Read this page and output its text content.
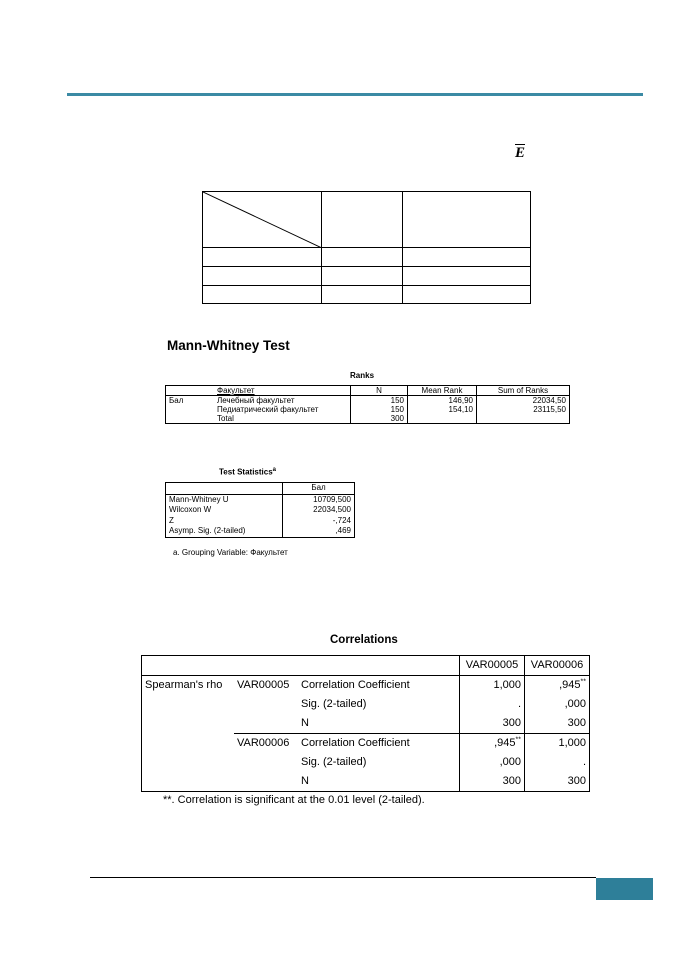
E
Mann-Whitney Test
Ranks
	Факультет	N	Mean Rank	Sum of Ranks
Бал	Лечебный факультет	150	146,90	22034,50
	Педиатрический факультет	150	154,10	23115,50
	Total	300		
Test Statistics$^a$
	Бал
Mann-Whitney U	10709,500
Wilcoxon W	22034,500
Z	-,724
Asymp. Sig. (2-tailed)	,469
a. Grouping Variable: Факультет
Correlations
			VAR00005	VAR00006
Spearman's rho	VAR00005	Correlation Coefficient	1,000	,945**
		Sig. (2-tailed)	.	,000
		N	300	300
	VAR00006	Correlation Coefficient	,945**	1,000
		Sig. (2-tailed)	,000	.
		N	300	300
**. Correlation is significant at the 0.01 level (2-tailed).
